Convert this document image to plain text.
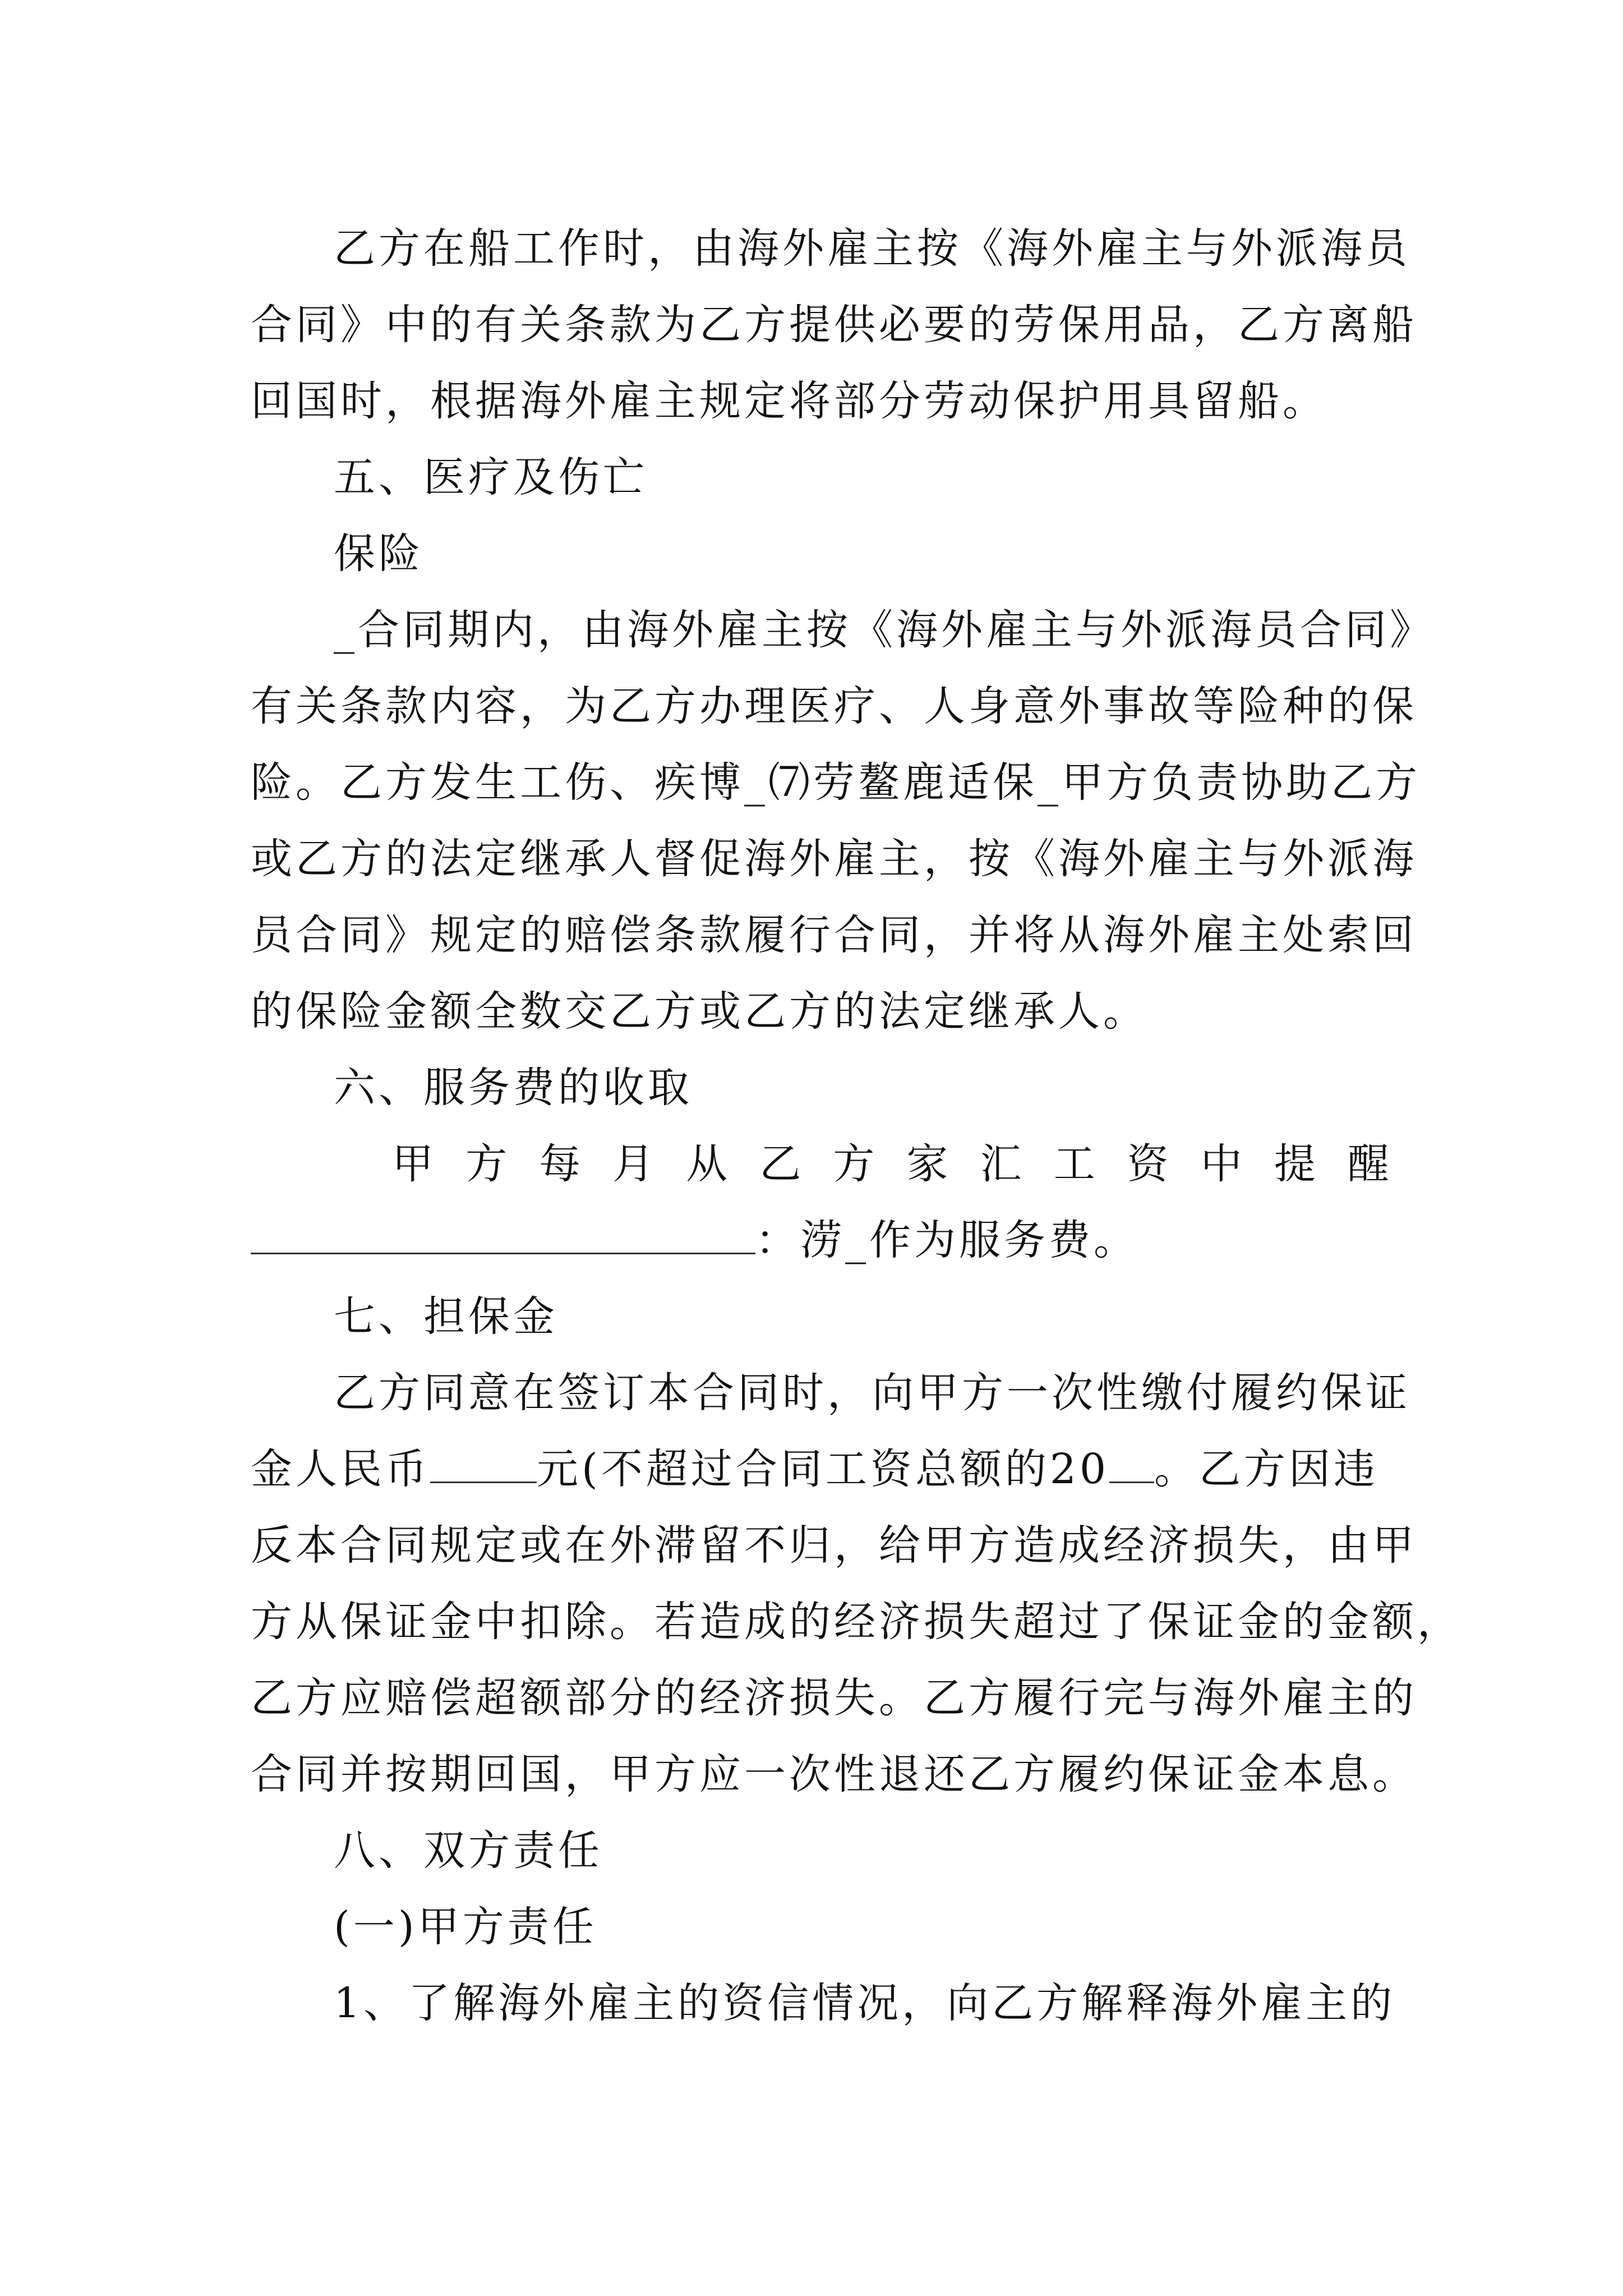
乙方在船工作时，由海外雇主按《海外雇主与外派海员
合同》中的有关条款为乙方提供必要的劳保用品，乙方离船
回国时，根据海外雇主规定将部分劳动保护用具留船。
五、医疗及伤亡
保险
_合同期内，由海外雇主按《海外雇主与外派海员合同》
有关条款内容，为乙方办理医疗、人身意外事故等险种的保
险。乙方发生工伤、疾博_⑺劳鳌鹿适保_甲方负责协助乙方
或乙方的法定继承人督促海外雇主，按《海外雇主与外派海
员合同》规定的赔偿条款履行合同，并将从海外雇主处索回
的保险金额全数交乙方或乙方的法定继承人。
六、服务费的收取
甲 方 每 月 从 乙 方 家 汇 工 资 中 提 醒
：涝_作为服务费。
七、担保金
乙方同意在签订本合同时，向甲方一次性缴付履约保证
金人民币	元(不超过合同工资总额的20 。乙方因违
反本合同规定或在外滞留不归，给甲方造成经济损失，由甲
方从保证金中扣除。若造成的经济损失超过了保证金的金额，
乙方应赔偿超额部分的经济损失。乙方履行完与海外雇主的
合同并按期回国，甲方应一次性退还乙方履约保证金本息。
八、双方责任
(一)甲方责任
1、了解海外雇主的资信情况，向乙方解释海外雇主的
